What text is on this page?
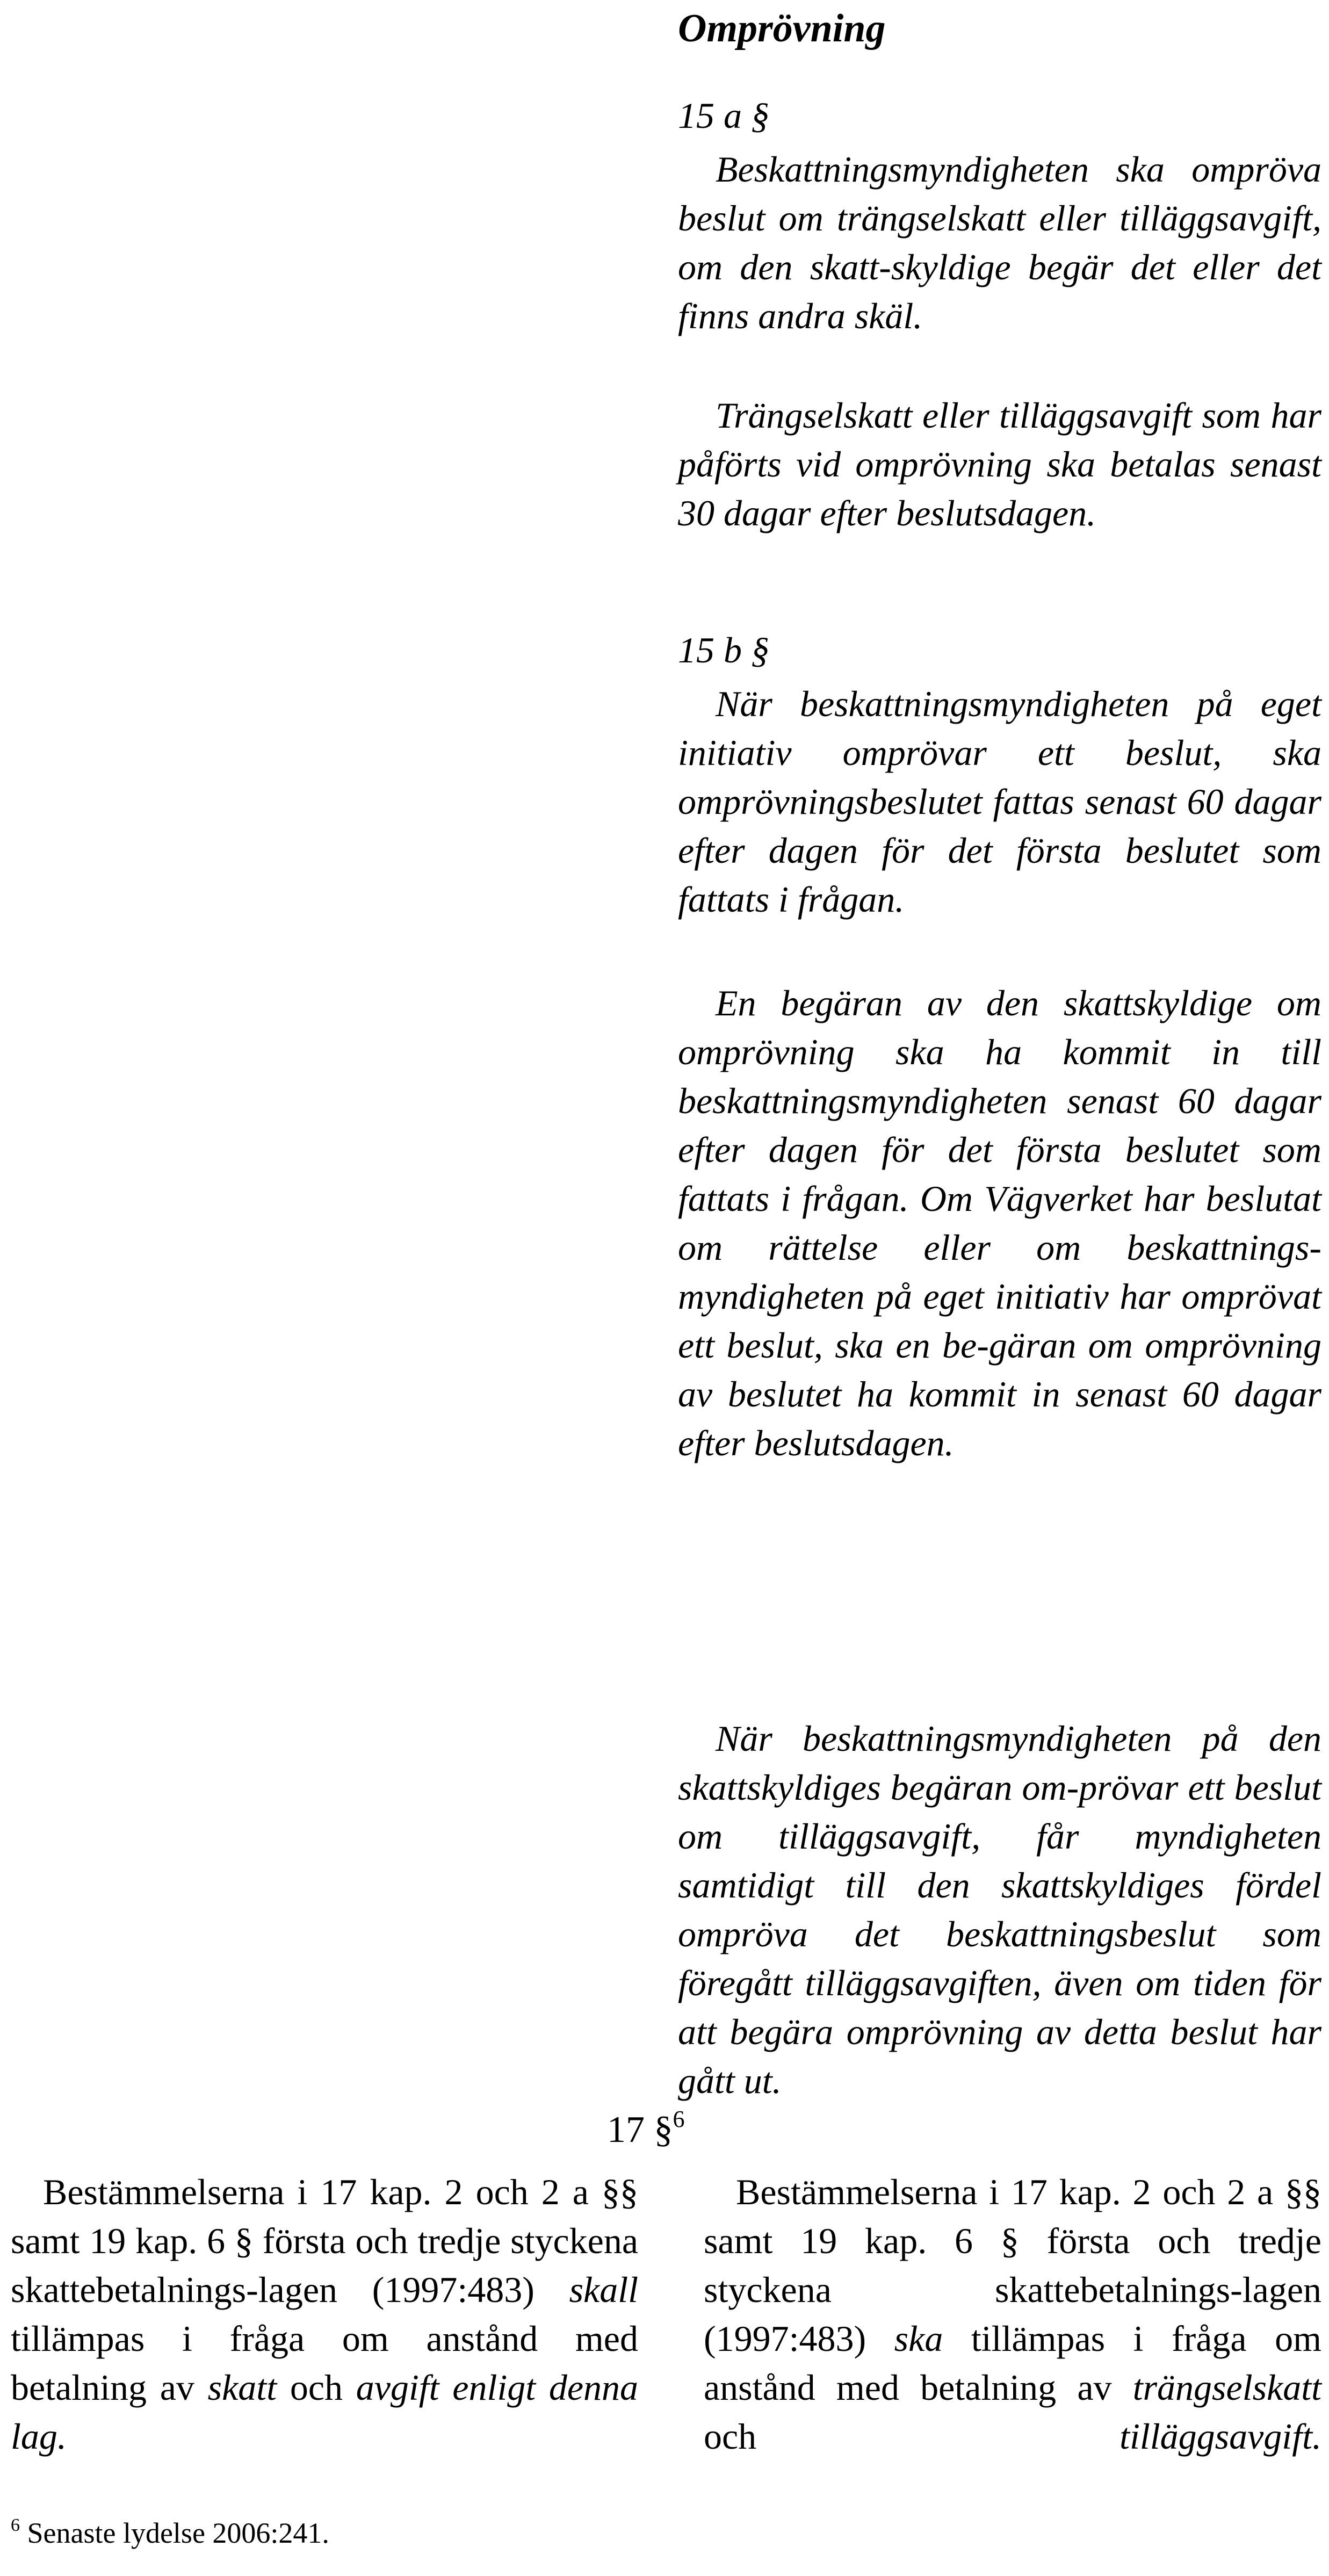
Omprövning
15 a §

Beskattningsmyndigheten ska ompröva beslut om trängselskatt eller tilläggsavgift, om den skatt-skyldige begär det eller det finns andra skäl.

Trängselskatt eller tilläggsavgift som har påförts vid omprövning ska betalas senast 30 dagar efter beslutsdagen.

15 b §

När beskattningsmyndigheten på eget initiativ omprövar ett beslut, ska omprövningsbeslutet fattas senast 60 dagar efter dagen för det första beslutet som fattats i frågan.

En begäran av den skattskyldige om omprövning ska ha kommit in till beskattningsmyndigheten senast 60 dagar efter dagen för det första beslutet som fattats i frågan. Om Vägverket har beslutat om rättelse eller om beskattnings-myndigheten på eget initiativ har omprövat ett beslut, ska en be-gäran om omprövning av beslutet ha kommit in senast 60 dagar efter beslutsdagen.

När beskattningsmyndigheten på den skattskyldiges begäran om-prövar ett beslut om tilläggsavgift, får myndigheten samtidigt till den skattskyldiges fördel ompröva det beskattningsbeslut som föregått tilläggsavgiften, även om tiden för att begära omprövning av detta beslut har gått ut.

17 §$^6$

Bestämmelserna i 17 kap. 2 och 2 a §§ samt 19 kap. 6 § första och tredje styckena skattebetalnings-lagen (1997:483) skall tillämpas i fråga om anstånd med betalning av skatt och avgift enligt denna lag.

Bestämmelserna i 17 kap. 2 och 2 a §§ samt 19 kap. 6 § första och tredje styckena skattebetalnings-lagen (1997:483) ska tillämpas i fråga om anstånd med betalning av trängselskatt och	tilläggsavgift.

$^6$ Senaste lydelse 2006:241.
